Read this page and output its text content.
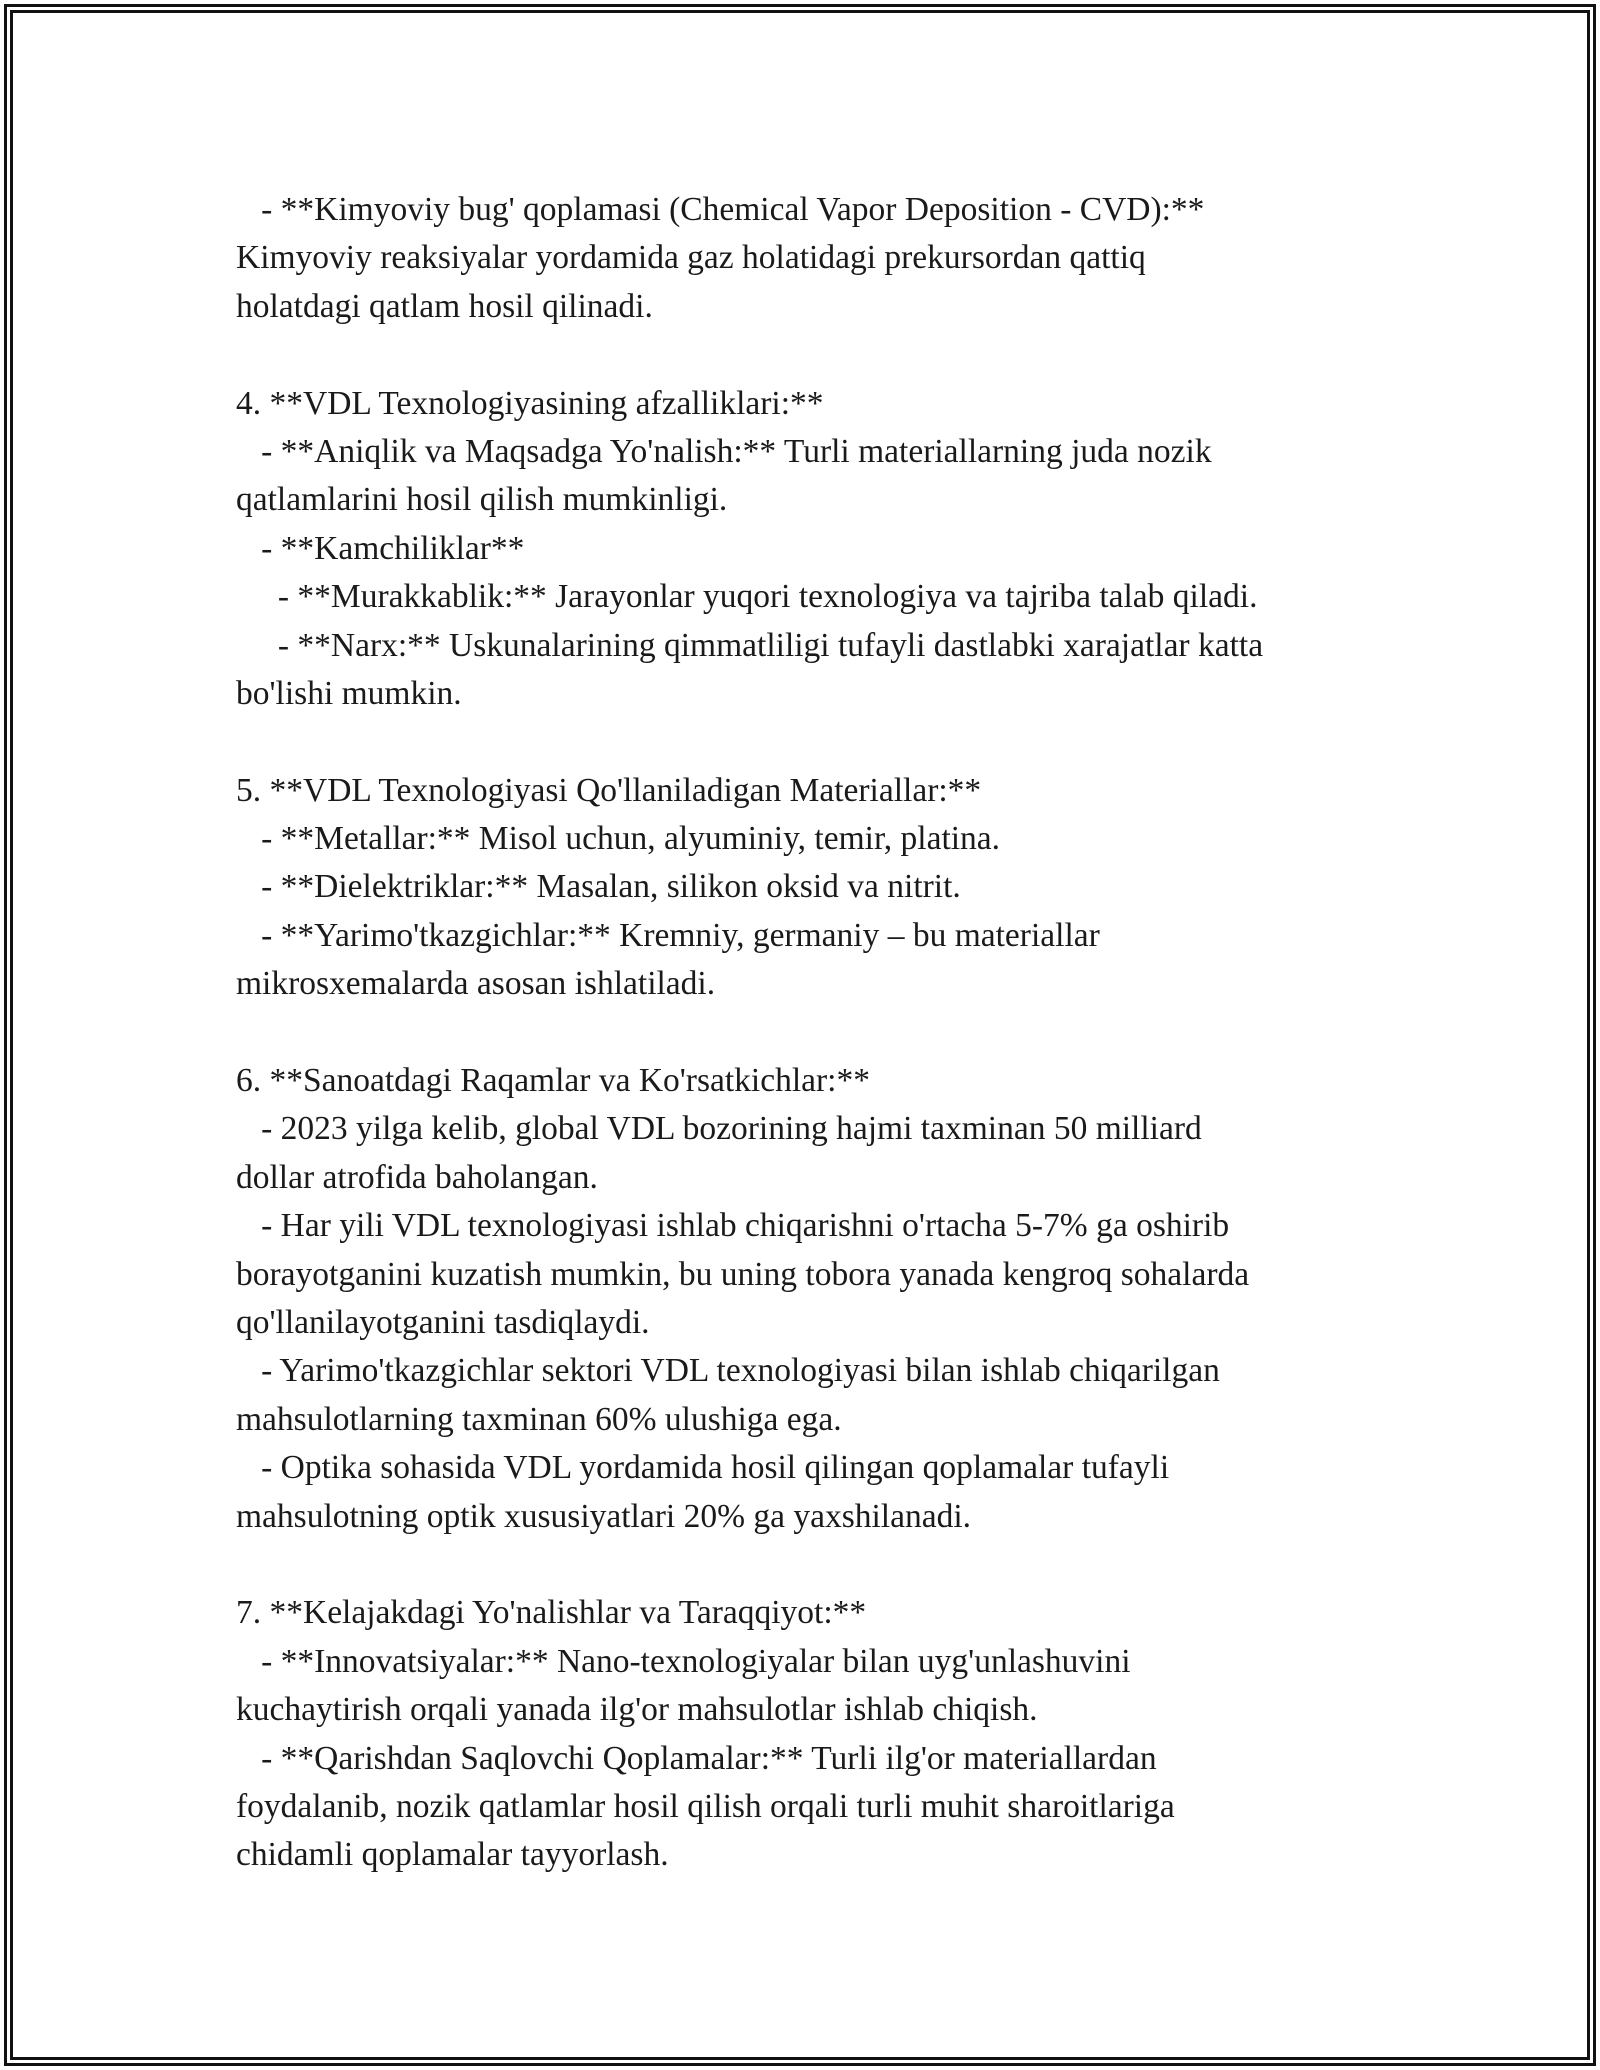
- **Kimyoviy bug' qoplamasi (Chemical Vapor Deposition - CVD):**
Kimyoviy reaksiyalar yordamida gaz holatidagi prekursordan qattiq
holatdagi qatlam hosil qilinadi.
4. **VDL Texnologiyasining afzalliklari:**
- **Aniqlik va Maqsadga Yo'nalish:** Turli materiallarning juda nozik
qatlamlarini hosil qilish mumkinligi.
- **Kamchiliklar**
- **Murakkablik:** Jarayonlar yuqori texnologiya va tajriba talab qiladi.
- **Narx:** Uskunalarining qimmatliligi tufayli dastlabki xarajatlar katta
bo'lishi mumkin.
5. **VDL Texnologiyasi Qo'llaniladigan Materiallar:**
- **Metallar:** Misol uchun, alyuminiy, temir, platina.
- **Dielektriklar:** Masalan, silikon oksid va nitrit.
- **Yarimo'tkazgichlar:** Kremniy, germaniy – bu materiallar
mikrosxemalarda asosan ishlatiladi.
6. **Sanoatdagi Raqamlar va Ko'rsatkichlar:**
- 2023 yilga kelib, global VDL bozorining hajmi taxminan 50 milliard
dollar atrofida baholangan.
- Har yili VDL texnologiyasi ishlab chiqarishni o'rtacha 5-7% ga oshirib
borayotganini kuzatish mumkin, bu uning tobora yanada kengroq sohalarda
qo'llanilayotganini tasdiqlaydi.
- Yarimo'tkazgichlar sektori VDL texnologiyasi bilan ishlab chiqarilgan
mahsulotlarning taxminan 60% ulushiga ega.
- Optika sohasida VDL yordamida hosil qilingan qoplamalar tufayli
mahsulotning optik xususiyatlari 20% ga yaxshilanadi.
7. **Kelajakdagi Yo'nalishlar va Taraqqiyot:**
- **Innovatsiyalar:** Nano-texnologiyalar bilan uyg'unlashuvini
kuchaytirish orqali yanada ilg'or mahsulotlar ishlab chiqish.
- **Qarishdan Saqlovchi Qoplamalar:** Turli ilg'or materiallardan
foydalanib, nozik qatlamlar hosil qilish orqali turli muhit sharoitlariga
chidamli qoplamalar tayyorlash.
